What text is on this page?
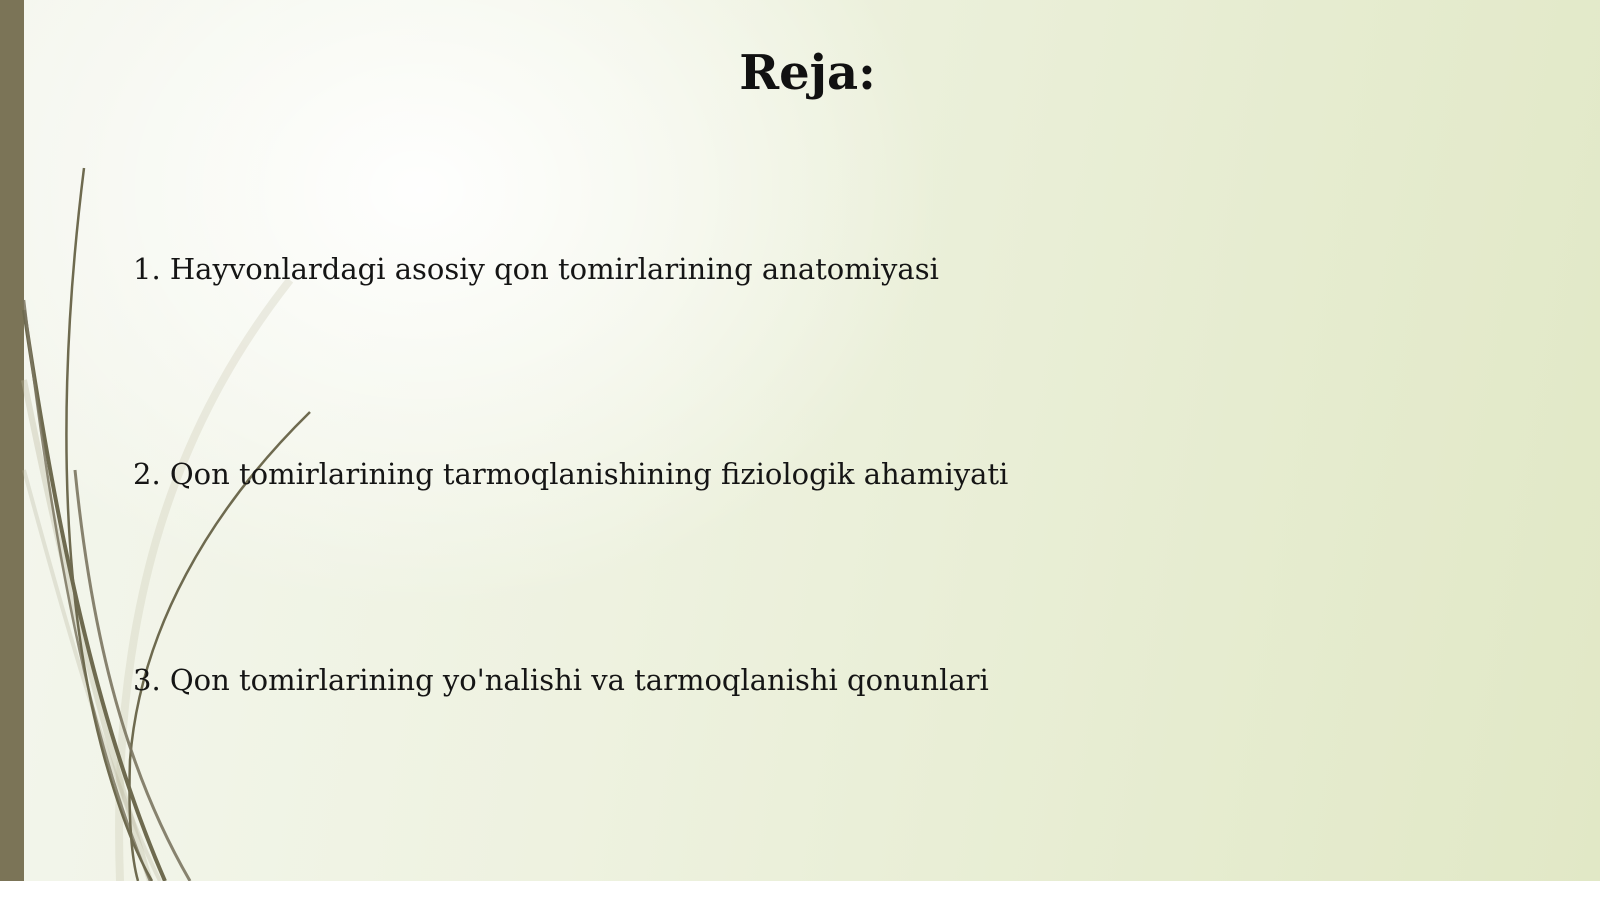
Reja:

1. Hayvonlardagi asosiy qon tomirlarining anatomiyasi

2. Qon tomirlarining tarmoqlanishining fiziologik ahamiyati

3. Qon tomirlarining yo'nalishi va tarmoqlanishi qonunlari
